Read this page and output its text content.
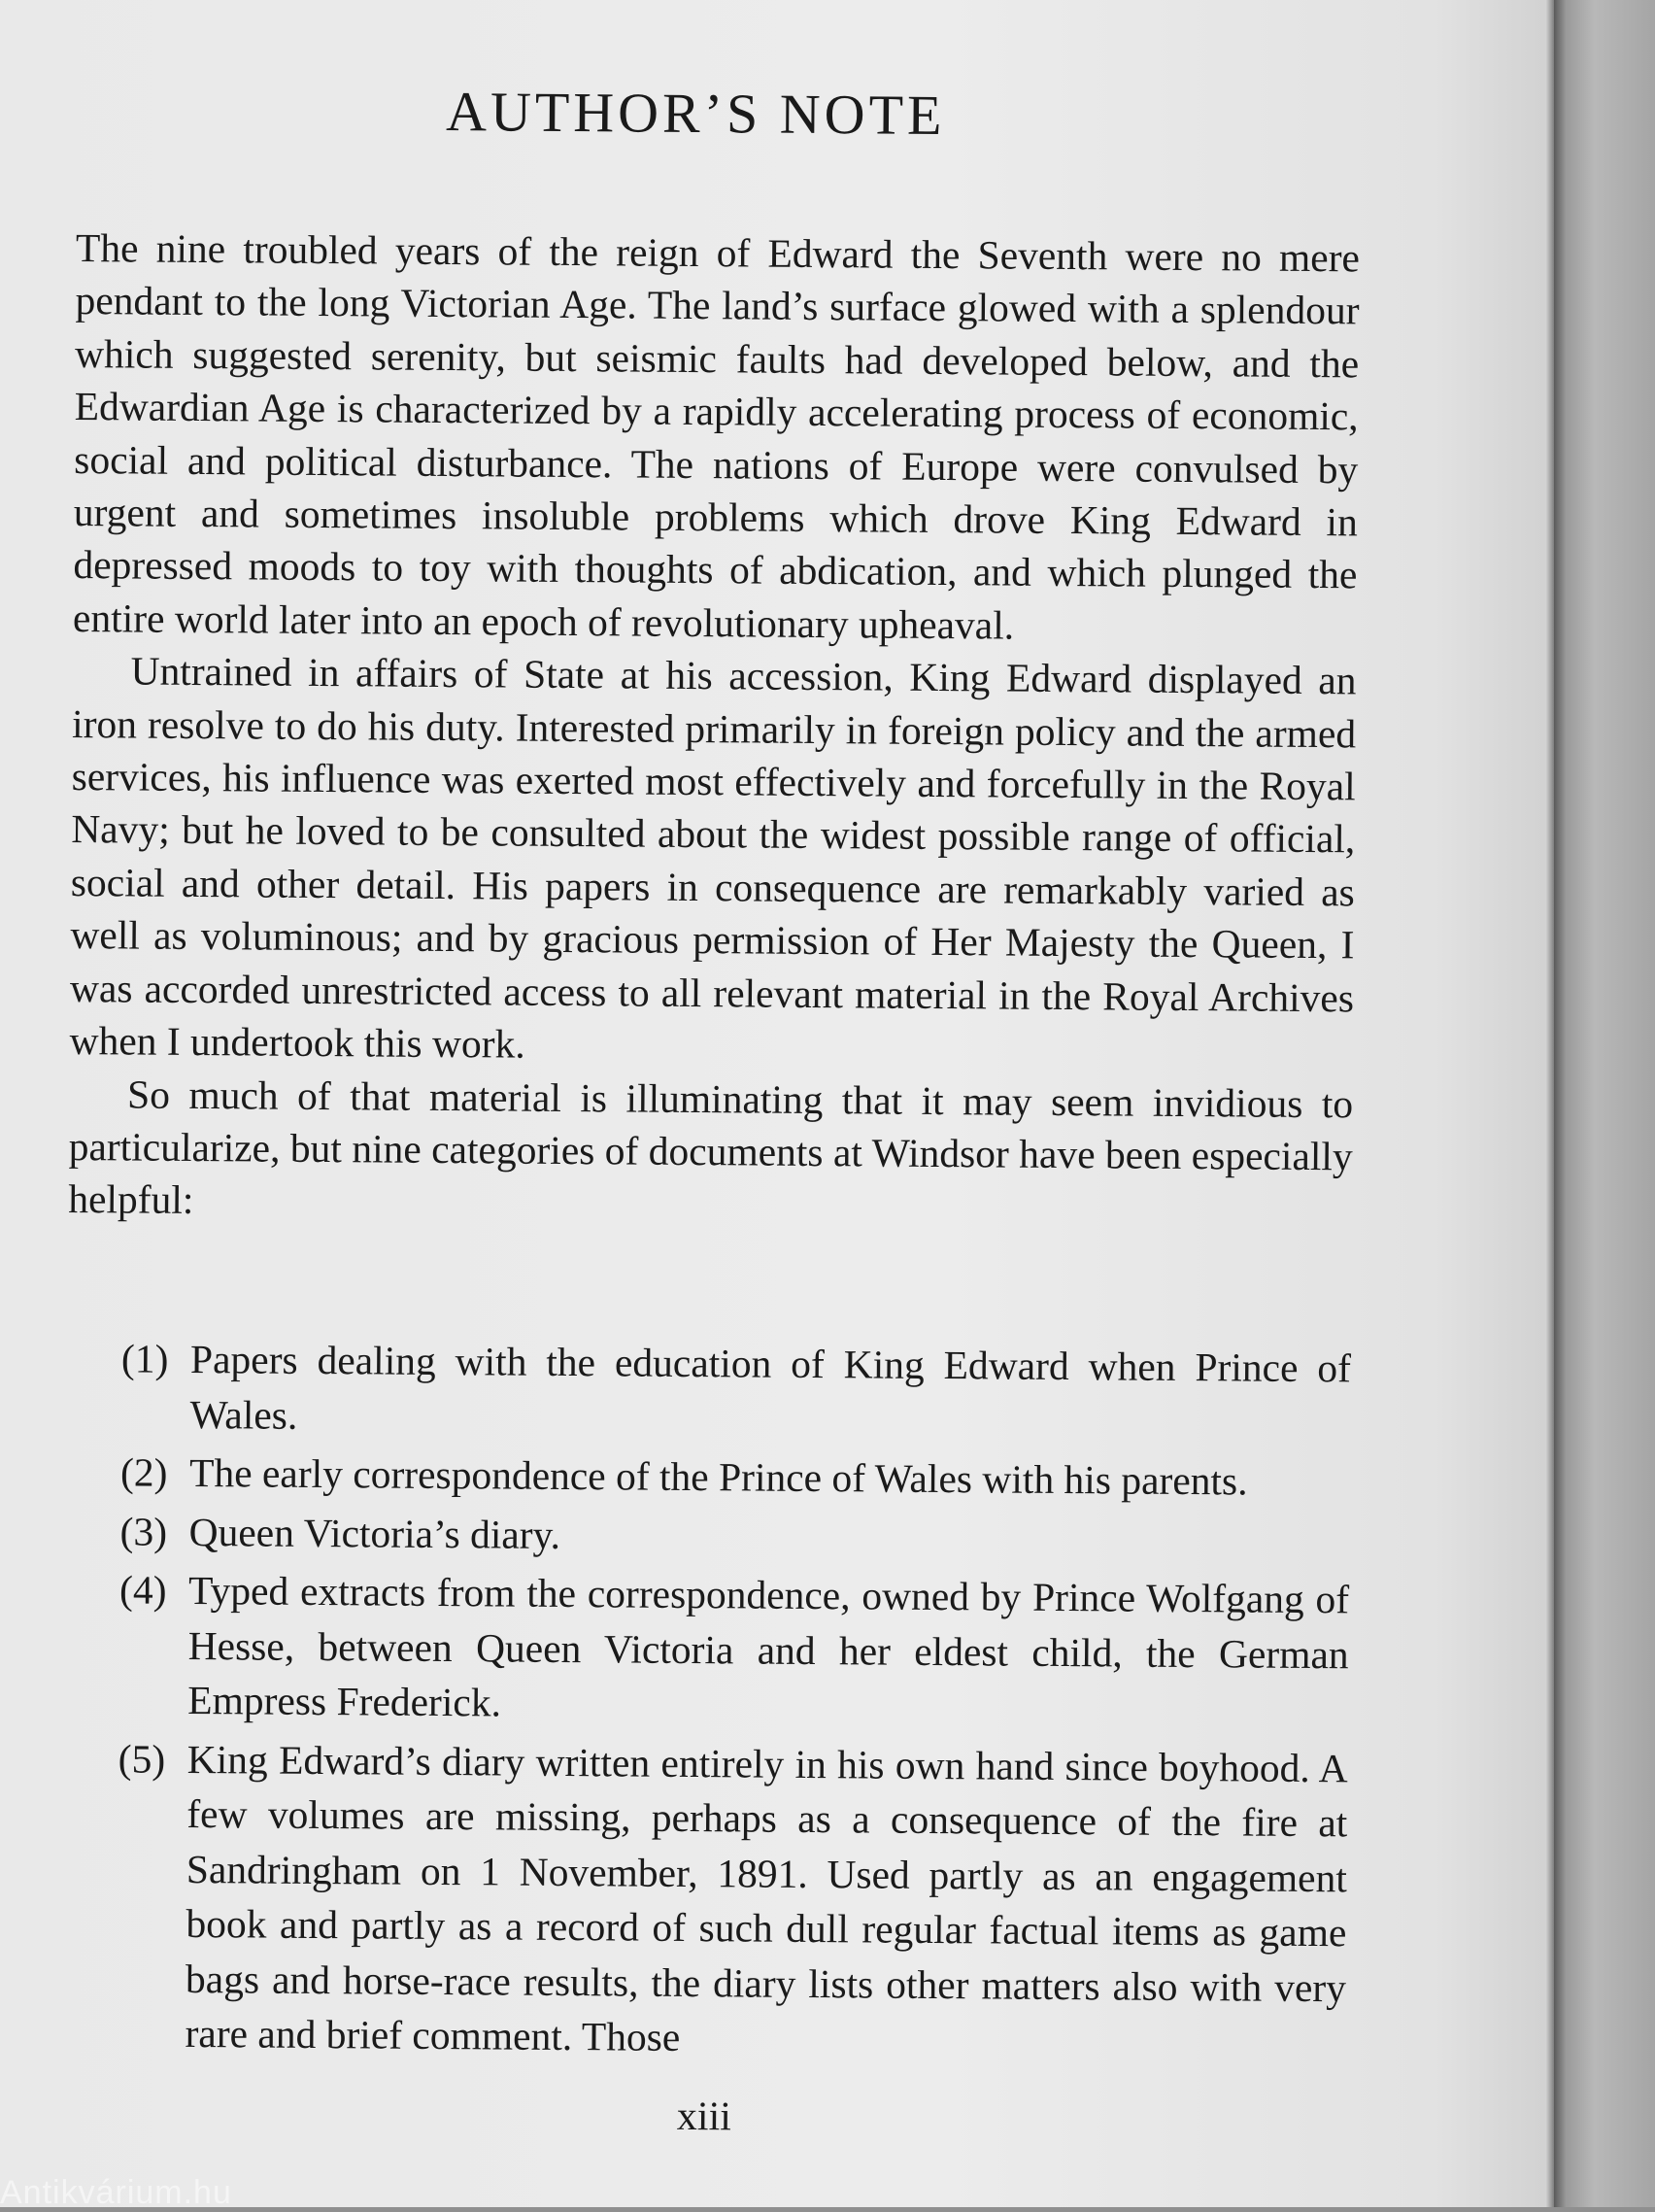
AUTHOR’S NOTE

The nine troubled years of the reign of Edward the Seventh were no mere pendant to the long Victorian Age. The land’s surface glowed with a splendour which suggested serenity, but seismic faults had developed below, and the Edwardian Age is characterized by a rapidly accelerating process of economic, social and political disturbance. The nations of Europe were convulsed by urgent and sometimes insoluble problems which drove King Edward in depressed moods to toy with thoughts of abdication, and which plunged the entire world later into an epoch of revolutionary upheaval.

Untrained in affairs of State at his accession, King Edward displayed an iron resolve to do his duty. Interested primarily in foreign policy and the armed services, his influence was exerted most effectively and forcefully in the Royal Navy; but he loved to be consulted about the widest possible range of official, social and other detail. His papers in consequence are remarkably varied as well as voluminous; and by gracious permission of Her Majesty the Queen, I was accorded unrestricted access to all relevant material in the Royal Archives when I undertook this work.

So much of that material is illuminating that it may seem invidious to particularize, but nine categories of documents at Windsor have been especially helpful:

(1) Papers dealing with the education of King Edward when Prince of Wales.
(2) The early correspondence of the Prince of Wales with his parents.
(3) Queen Victoria’s diary.
(4) Typed extracts from the correspondence, owned by Prince Wolfgang of Hesse, between Queen Victoria and her eldest child, the German Empress Frederick.
(5) King Edward’s diary written entirely in his own hand since boyhood. A few volumes are missing, perhaps as a consequence of the fire at Sandringham on 1 November, 1891. Used partly as an engagement book and partly as a record of such dull regular factual items as game bags and horse-race results, the diary lists other matters also with very rare and brief comment. Those
xiii
Antikvárium.hu
